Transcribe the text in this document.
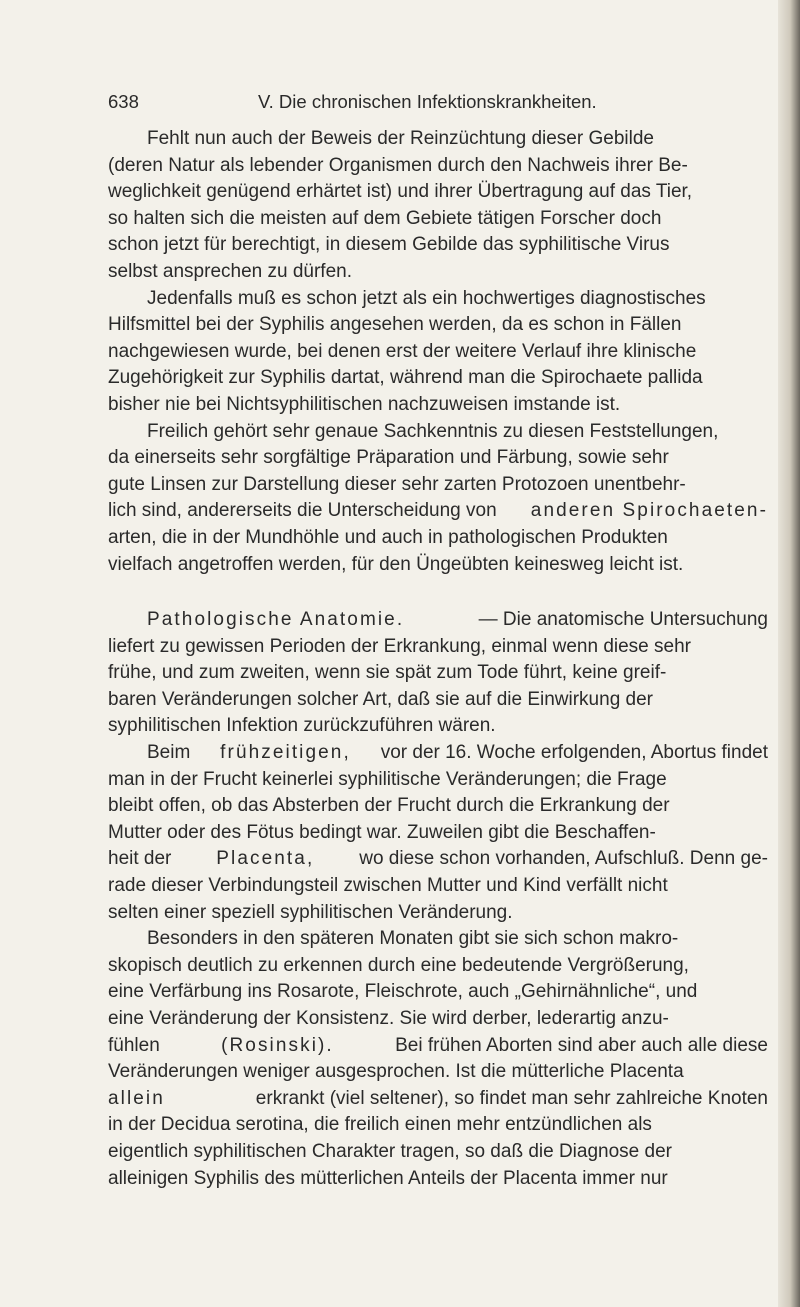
638	V. Die chronischen Infektionskrankheiten.
Fehlt nun auch der Beweis der Reinzüchtung dieser Gebilde
(deren Natur als lebender Organismen durch den Nachweis ihrer Be-
weglichkeit genügend erhärtet ist) und ihrer Übertragung auf das Tier,
so halten sich die meisten auf dem Gebiete tätigen Forscher doch
schon jetzt für berechtigt, in diesem Gebilde das syphilitische Virus
selbst ansprechen zu dürfen.
Jedenfalls muß es schon jetzt als ein hochwertiges diagnostisches
Hilfsmittel bei der Syphilis angesehen werden, da es schon in Fällen
nachgewiesen wurde, bei denen erst der weitere Verlauf ihre klinische
Zugehörigkeit zur Syphilis dartat, während man die Spirochaete pallida
bisher nie bei Nichtsyphilitischen nachzuweisen imstande ist.
Freilich gehört sehr genaue Sachkenntnis zu diesen Feststellungen,
da einerseits sehr sorgfältige Präparation und Färbung, sowie sehr
gute Linsen zur Darstellung dieser sehr zarten Protozoen unentbehr-
lich sind, andererseits die Unterscheidung von anderen Spirochaeten-
arten, die in der Mundhöhle und auch in pathologischen Produkten
vielfach angetroffen werden, für den Üngeübten keinesweg leicht ist.
Pathologische Anatomie.	— Die anatomische Untersuchung
liefert zu gewissen Perioden der Erkrankung, einmal wenn diese sehr
frühe, und zum zweiten, wenn sie spät zum Tode führt, keine greif-
baren Veränderungen solcher Art, daß sie auf die Einwirkung der
syphilitischen Infektion zurückzuführen wären.
Beim frühzeitigen, vor der 16. Woche erfolgenden, Abortus findet
man in der Frucht keinerlei syphilitische Veränderungen; die Frage
bleibt offen, ob das Absterben der Frucht durch die Erkrankung der
Mutter oder des Fötus bedingt war. Zuweilen gibt die Beschaffen-
heit der Placenta, wo diese schon vorhanden, Aufschluß. Denn ge-
rade dieser Verbindungsteil zwischen Mutter und Kind verfällt nicht
selten einer speziell syphilitischen Veränderung.
Besonders in den späteren Monaten gibt sie sich schon makro-
skopisch deutlich zu erkennen durch eine bedeutende Vergrößerung,
eine Verfärbung ins Rosarote, Fleischrote, auch „Gehirnähnliche“, und
eine Veränderung der Konsistenz. Sie wird derber, lederartig anzu-
fühlen	(Rosinski).	Bei frühen Aborten sind aber auch alle diese
Veränderungen weniger ausgesprochen. Ist die mütterliche Placenta
allein	erkrankt (viel seltener), so findet man sehr zahlreiche Knoten
in der Decidua serotina, die freilich einen mehr entzündlichen als
eigentlich syphilitischen Charakter tragen, so daß die Diagnose der
alleinigen Syphilis des mütterlichen Anteils der Placenta immer nur
